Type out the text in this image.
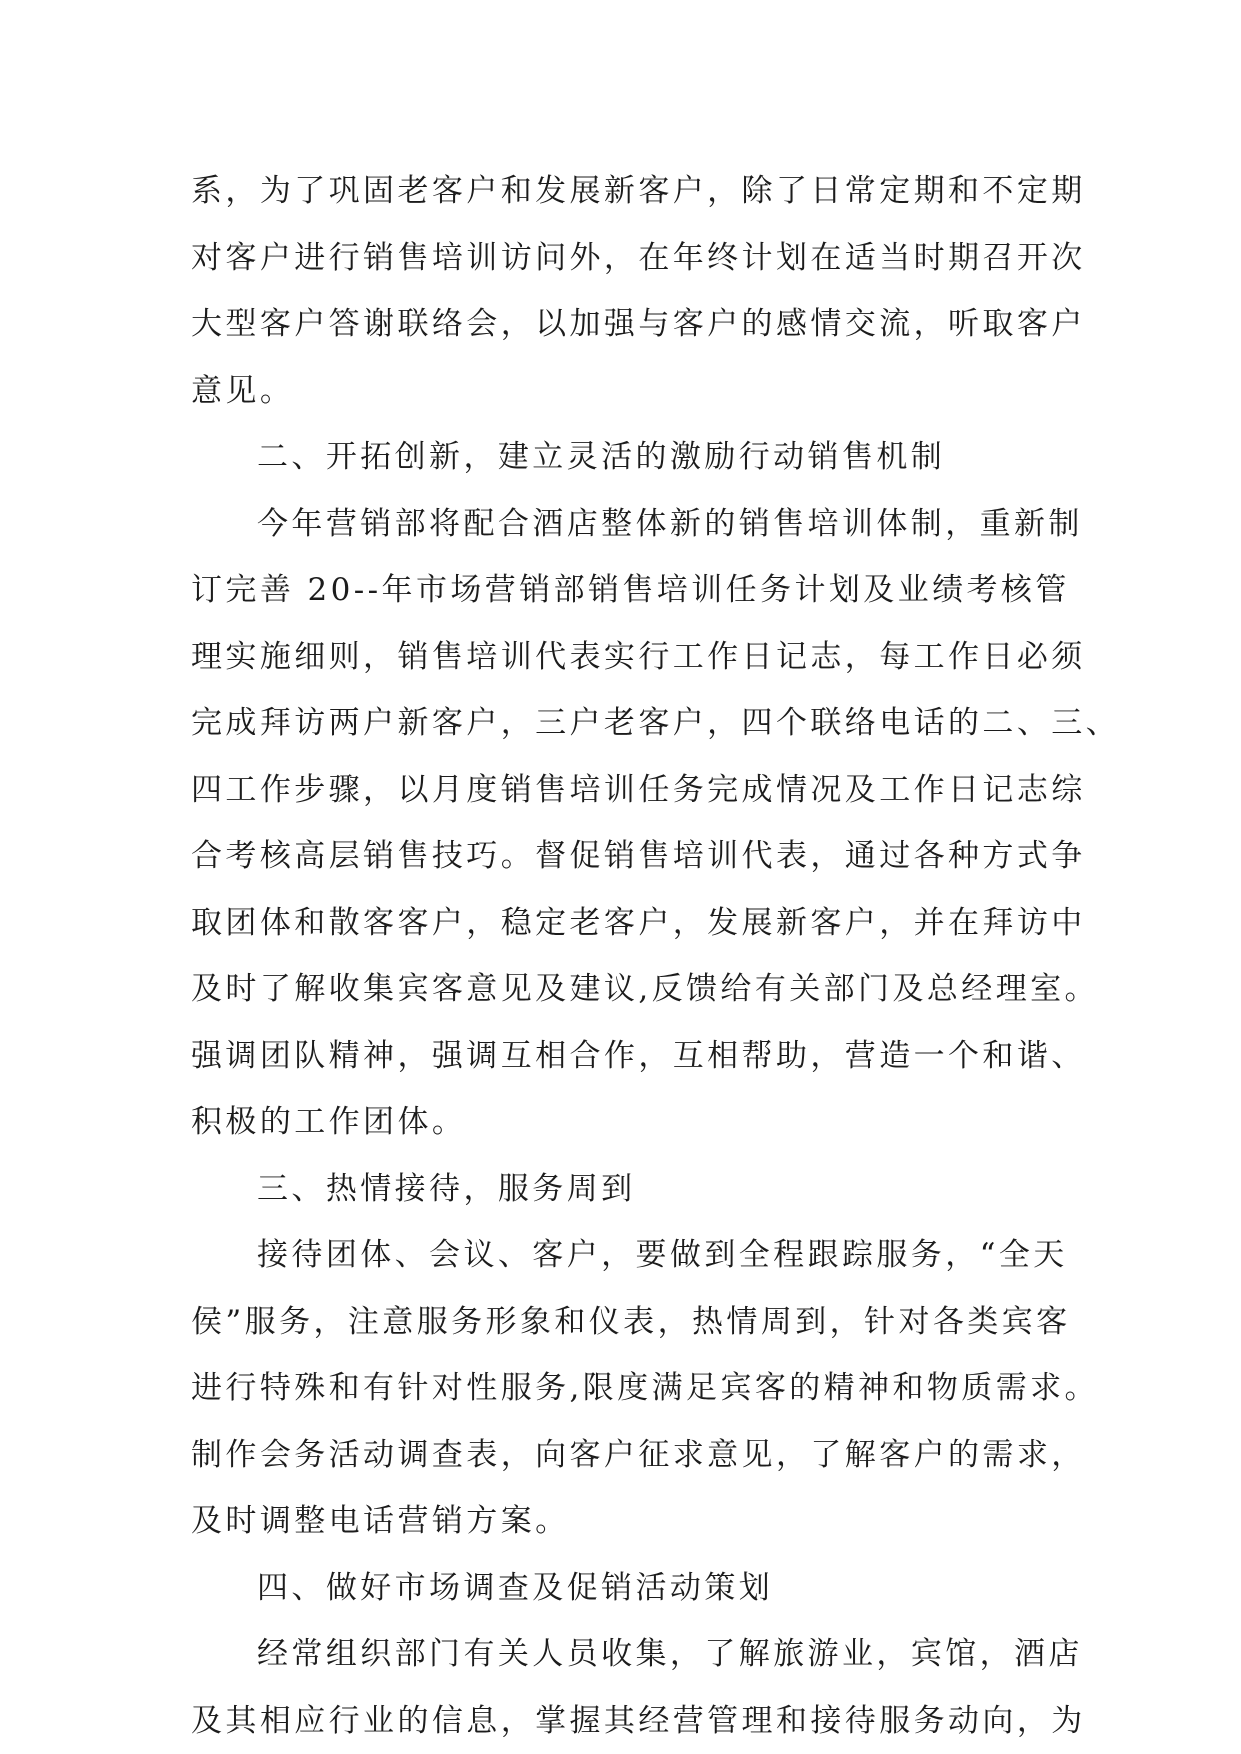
系，为了巩固老客户和发展新客户，除了日常定期和不定期
对客户进行销售培训访问外，在年终计划在适当时期召开次
大型客户答谢联络会，以加强与客户的感情交流，听取客户
意见。
二、开拓创新，建立灵活的激励行动销售机制
今年营销部将配合酒店整体新的销售培训体制，重新制
订完善 20--年市场营销部销售培训任务计划及业绩考核管
理实施细则，销售培训代表实行工作日记志，每工作日必须
完成拜访两户新客户，三户老客户，四个联络电话的二、三、
四工作步骤，以月度销售培训任务完成情况及工作日记志综
合考核高层销售技巧。督促销售培训代表，通过各种方式争
取团体和散客客户，稳定老客户，发展新客户，并在拜访中
及时了解收集宾客意见及建议,反馈给有关部门及总经理室。
强调团队精神，强调互相合作，互相帮助，营造一个和谐、
积极的工作团体。
三、热情接待，服务周到
接待团体、会议、客户，要做到全程跟踪服务，“全天
侯”服务，注意服务形象和仪表，热情周到，针对各类宾客
进行特殊和有针对性服务,限度满足宾客的精神和物质需求。
制作会务活动调查表，向客户征求意见，了解客户的需求，
及时调整电话营销方案。
四、做好市场调查及促销活动策划
经常组织部门有关人员收集，了解旅游业，宾馆，酒店
及其相应行业的信息，掌握其经营管理和接待服务动向，为
